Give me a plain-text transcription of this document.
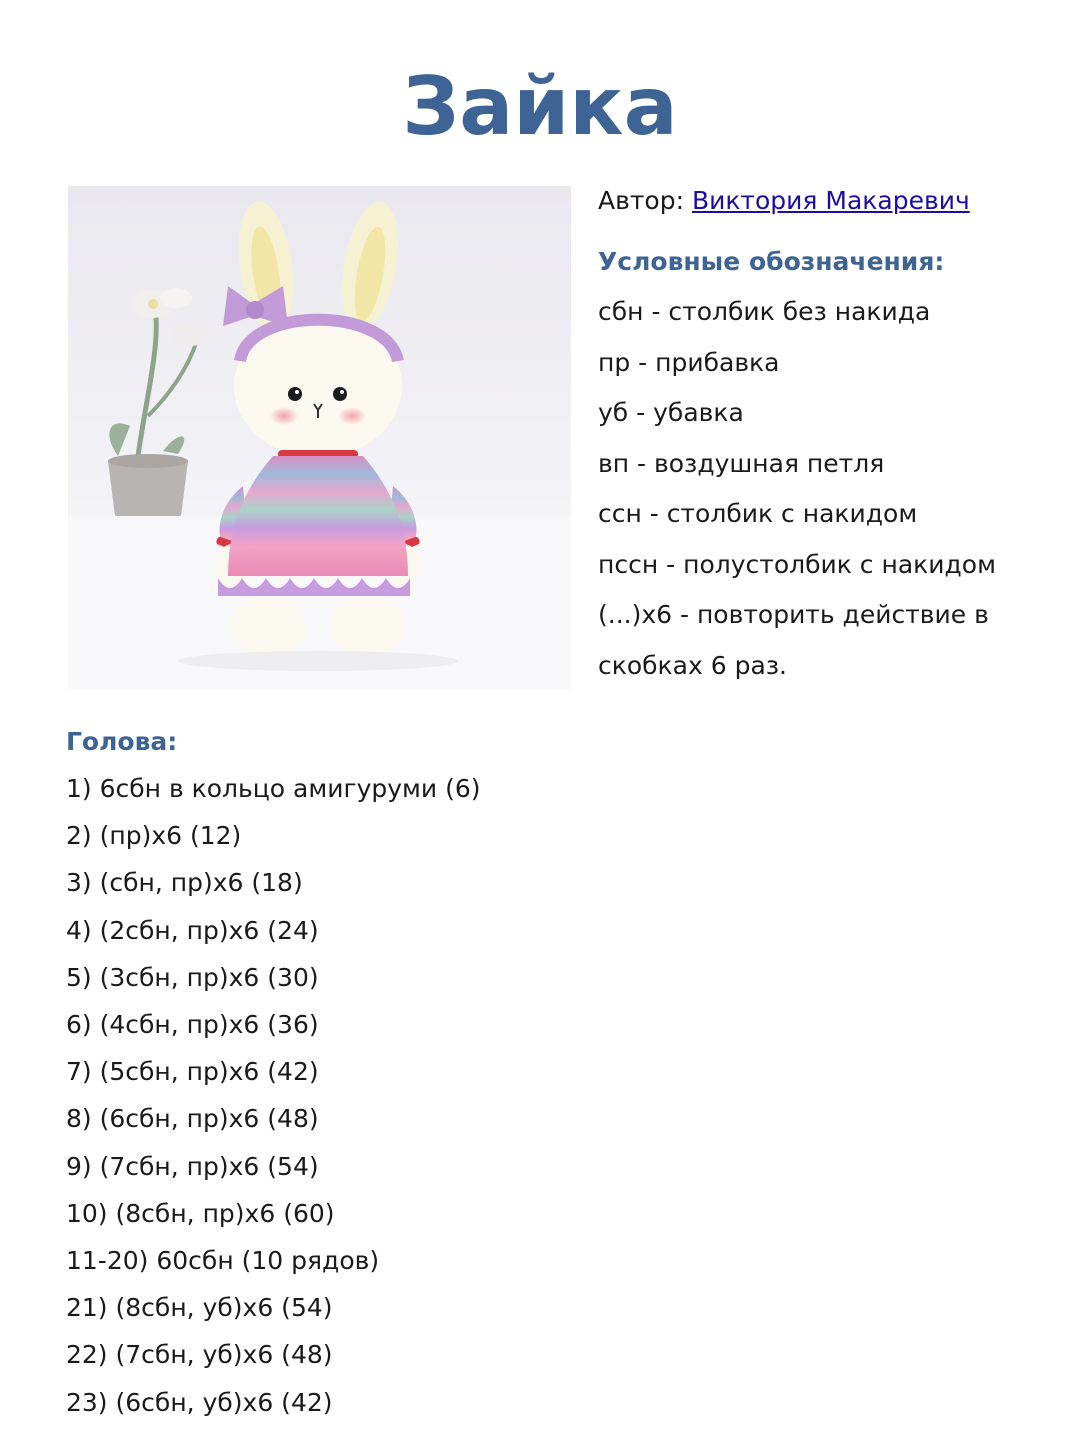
Зайка
Автор: Виктория Макаревич
Условные обозначения:
сбн - столбик без накида
пр - прибавка
уб - убавка
вп - воздушная петля
ссн - столбик с накидом
пссн - полустолбик с накидом
(...)х6 - повторить действие в скобках 6 раз.
Голова:
1) 6сбн в кольцо амигуруми (6)
2) (пр)х6 (12)
3) (сбн, пр)х6 (18)
4) (2сбн, пр)х6 (24)
5) (3сбн, пр)х6 (30)
6) (4сбн, пр)х6 (36)
7) (5сбн, пр)х6 (42)
8) (6сбн, пр)х6 (48)
9) (7сбн, пр)х6 (54)
10) (8сбн, пр)х6 (60)
11-20) 60сбн (10 рядов)
21) (8сбн, уб)х6 (54)
22) (7сбн, уб)х6 (48)
23) (6сбн, уб)х6 (42)
